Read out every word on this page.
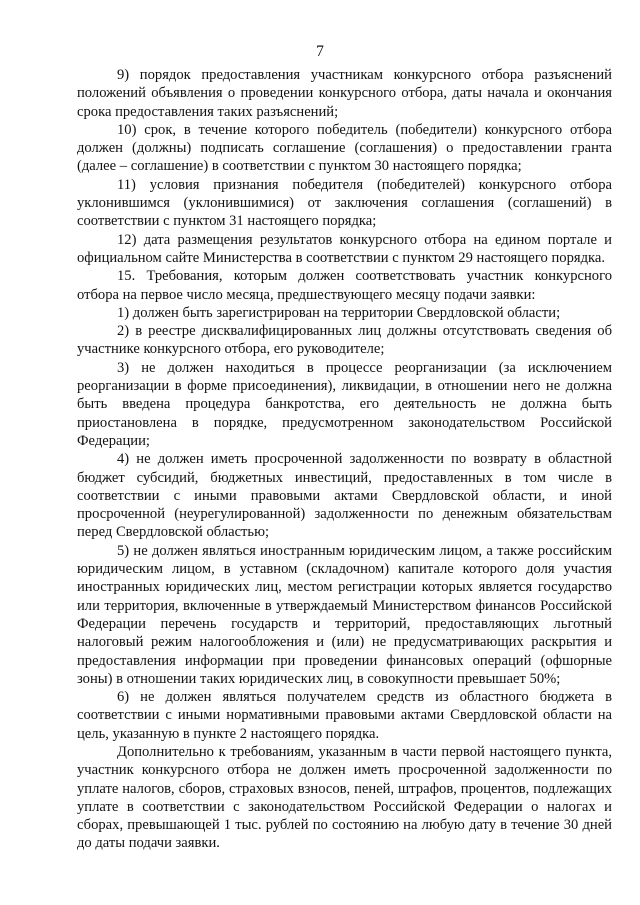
7

9) порядок предоставления участникам конкурсного отбора разъяснений положений объявления о проведении конкурсного отбора, даты начала и окончания срока предоставления таких разъяснений;

10) срок, в течение которого победитель (победители) конкурсного отбора должен (должны) подписать соглашение (соглашения) о предоставлении гранта (далее – соглашение) в соответствии с пунктом 30 настоящего порядка;

11) условия признания победителя (победителей) конкурсного отбора уклонившимся (уклонившимися) от заключения соглашения (соглашений) в соответствии с пунктом 31 настоящего порядка;

12) дата размещения результатов конкурсного отбора на едином портале и официальном сайте Министерства в соответствии с пунктом 29 настоящего порядка.

15. Требования, которым должен соответствовать участник конкурсного отбора на первое число месяца, предшествующего месяцу подачи заявки:

1) должен быть зарегистрирован на территории Свердловской области;

2) в реестре дисквалифицированных лиц должны отсутствовать сведения об участнике конкурсного отбора, его руководителе;

3) не должен находиться в процессе реорганизации (за исключением реорганизации в форме присоединения), ликвидации, в отношении него не должна быть введена процедура банкротства, его деятельность не должна быть приостановлена в порядке, предусмотренном законодательством Российской Федерации;

4) не должен иметь просроченной задолженности по возврату в областной бюджет субсидий, бюджетных инвестиций, предоставленных в том числе в соответствии с иными правовыми актами Свердловской области, и иной просроченной (неурегулированной) задолженности по денежным обязательствам перед Свердловской областью;

5) не должен являться иностранным юридическим лицом, а также российским юридическим лицом, в уставном (складочном) капитале которого доля участия иностранных юридических лиц, местом регистрации которых является государство или территория, включенные в утверждаемый Министерством финансов Российской Федерации перечень государств и территорий, предоставляющих льготный налоговый режим налогообложения и (или) не предусматривающих раскрытия и предоставления информации при проведении финансовых операций (офшорные зоны) в отношении таких юридических лиц, в совокупности превышает 50%;

6) не должен являться получателем средств из областного бюджета в соответствии с иными нормативными правовыми актами Свердловской области на цель, указанную в пункте 2 настоящего порядка.

Дополнительно к требованиям, указанным в части первой настоящего пункта, участник конкурсного отбора не должен иметь просроченной задолженности по уплате налогов, сборов, страховых взносов, пеней, штрафов, процентов, подлежащих уплате в соответствии с законодательством Российской Федерации о налогах и сборах, превышающей 1 тыс. рублей по состоянию на любую дату в течение 30 дней до даты подачи заявки.
